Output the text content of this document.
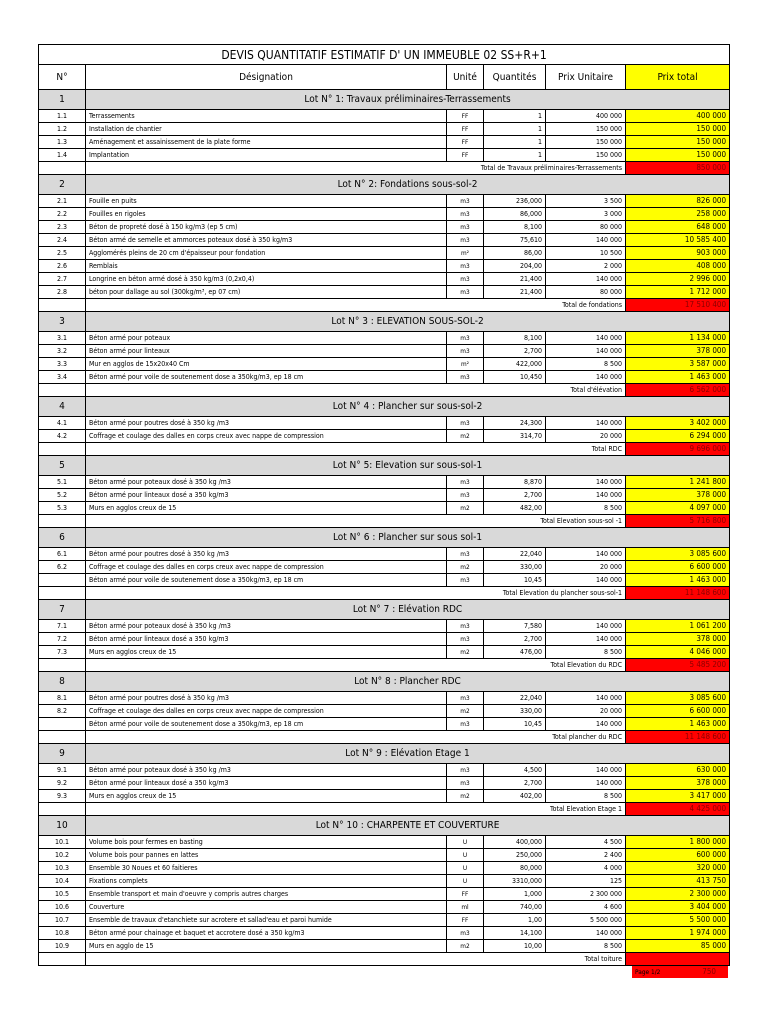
DEVIS QUANTITATIF ESTIMATIF D' UN IMMEUBLE 02 SS+R+1					
N°	Désignation	Unité	Quantités	Prix Unitaire	Prix total
1	Lot N° 1: Travaux préliminaires-Terrassements				
1.1	Terrassements	FF	1	400 000	400 000
1.2	Installation de chantier	FF	1	150 000	150 000
1.3	Aménagement et assainissement de la plate forme	FF	1	150 000	150 000
1.4	Implantation	FF	1	150 000	150 000
	Total de Travaux préliminaires-Terrassements				850 000
2	Lot N° 2: Fondations sous-sol-2				
2.1	Fouille en puits	m3	236,000	3 500	826 000
2.2	Fouilles en rigoles	m3	86,000	3 000	258 000
2.3	Béton de propreté dosé à 150 kg/m3 (ep 5 cm)	m3	8,100	80 000	648 000
2.4	Béton armé de semelle et ammorces poteaux dosé à 350 kg/m3	m3	75,610	140 000	10 585 400
2.5	Agglomérés pleins de 20 cm d'épaisseur pour fondation	m²	86,00	10 500	903 000
2.6	Remblais	m3	204,00	2 000	408 000
2.7	Longrine en béton armé dosé à 350 kg/m3 (0,2x0,4)	m3	21,400	140 000	2 996 000
2.8	béton pour dallage au sol (300kg/m³, ep 07 cm)	m3	21,400	80 000	1 712 000
	Total de fondations				17 510 400
3	Lot N° 3 : ELEVATION SOUS-SOL-2				
3.1	Béton armé pour poteaux	m3	8,100	140 000	1 134 000
3.2	Béton armé pour linteaux	m3	2,700	140 000	378 000
3.3	Mur en agglos de 15x20x40 Cm	m²	422,000	8 500	3 587 000
3.4	Béton armé pour voile de soutenement dose a 350kg/m3, ep 18 cm	m3	10,450	140 000	1 463 000
	Total d'élévation				6 562 000
4	Lot N° 4 : Plancher sur sous-sol-2				
4.1	Béton armé pour poutres dosé à 350 kg /m3	m3	24,300	140 000	3 402 000
4.2	Coffrage et coulage des dalles en corps creux avec nappe de compression	m2	314,70	20 000	6 294 000
	Total RDC				9 696 000
5	Lot N° 5: Elevation sur sous-sol-1				
5.1	Béton armé pour poteaux dosé à 350 kg /m3	m3	8,870	140 000	1 241 800
5.2	Béton armé pour linteaux dosé a 350 kg/m3	m3	2,700	140 000	378 000
5.3	Murs en agglos creux de 15	m2	482,00	8 500	4 097 000
	Total Elevation sous-sol -1				5 716 800
6	Lot N° 6 : Plancher sur sous sol-1				
6.1	Béton armé pour poutres dosé à 350 kg /m3	m3	22,040	140 000	3 085 600
6.2	Coffrage et coulage des dalles en corps creux avec nappe de compression	m2	330,00	20 000	6 600 000
	Béton armé pour voile de soutenement dose a 350kg/m3, ep 18 cm	m3	10,45	140 000	1 463 000
	Total Elevation du plancher sous-sol-1				11 148 600
7	Lot N° 7 : Elévation RDC				
7.1	Béton armé pour poteaux dosé à 350 kg /m3	m3	7,580	140 000	1 061 200
7.2	Béton armé pour linteaux dosé a 350 kg/m3	m3	2,700	140 000	378 000
7.3	Murs en agglos creux de 15	m2	476,00	8 500	4 046 000
	Total Elevation du RDC				5 485 200
8	Lot N° 8 : Plancher RDC				
8.1	Béton armé pour poutres dosé à 350 kg /m3	m3	22,040	140 000	3 085 600
8.2	Coffrage et coulage des dalles en corps creux avec nappe de compression	m2	330,00	20 000	6 600 000
	Béton armé pour voile de soutenement dose a 350kg/m3, ep 18 cm	m3	10,45	140 000	1 463 000
	Total plancher du RDC				11 148 600
9	Lot N° 9 : Elévation Etage 1				
9.1	Béton armé pour poteaux dosé à 350 kg /m3	m3	4,500	140 000	630 000
9.2	Béton armé pour linteaux dosé a 350 kg/m3	m3	2,700	140 000	378 000
9.3	Murs en agglos creux de 15	m2	402,00	8 500	3 417 000
	Total Elevation Etage 1				4 425 000
10	Lot N° 10 : CHARPENTE ET COUVERTURE				
10.1	Volume bois pour fermes en basting	U	400,000	4 500	1 800 000
10.2	Volume bois pour pannes en lattes	U	250,000	2 400	600 000
10.3	Ensemble 30 Noues et 60 faitieres	U	80,000	4 000	320 000
10.4	Fixations complets	U	3310,000	125	413 750
10.5	Ensemble transport et main d'oeuvre y compris autres charges	FF	1,000	2 300 000	2 300 000
10.6	Couverture	ml	740,00	4 600	3 404 000
10.7	Ensemble de travaux d'etanchiete sur acrotere et sallad'eau et paroi humide	FF	1,00	5 500 000	5 500 000
10.8	Béton armé pour chainage et baquet et accrotere dosé a 350 kg/m3	m3	14,100	140 000	1 974 000
10.9	Murs en agglo de 15	m2	10,00	8 500	85 000
	Total toiture				
Page 1/2	750
